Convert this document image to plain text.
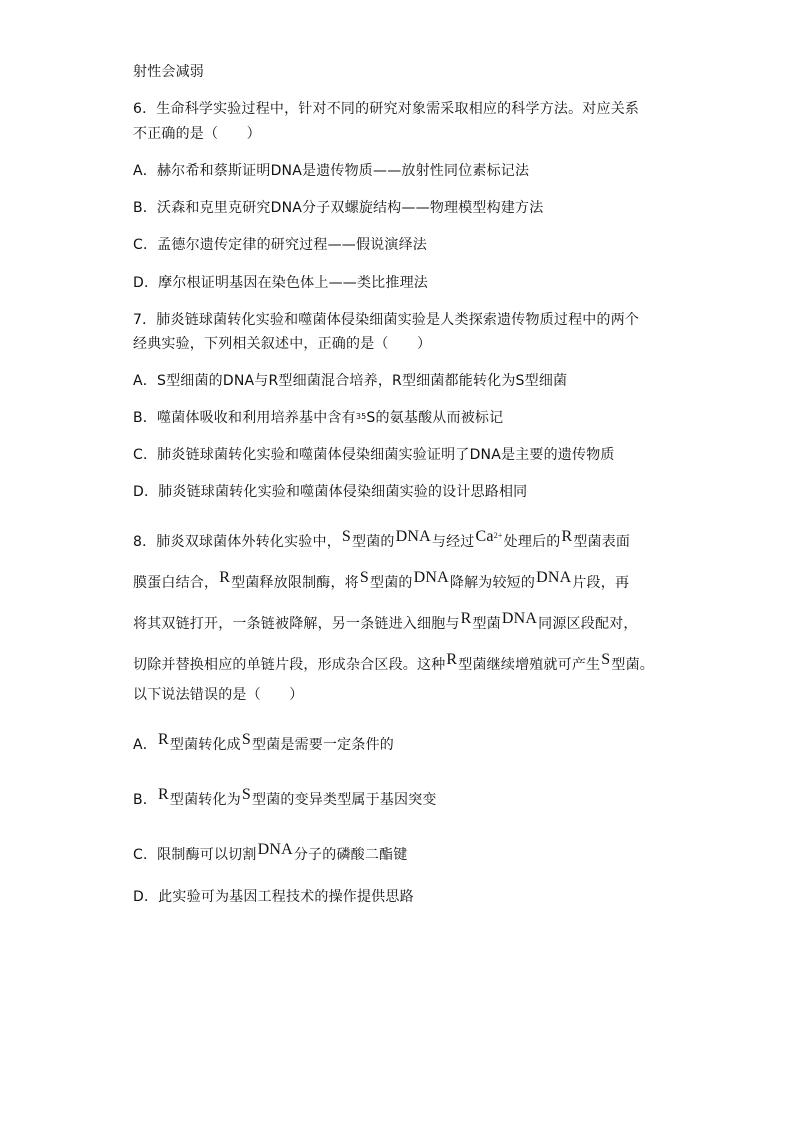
射性会减弱
6．生命科学实验过程中，针对不同的研究对象需采取相应的科学方法。对应关系
不正确的是（　　）
A．赫尔希和蔡斯证明DNA是遗传物质——放射性同位素标记法
B．沃森和克里克研究DNA分子双螺旋结构——物理模型构建方法
C．孟德尔遗传定律的研究过程——假说演绎法
D．摩尔根证明基因在染色体上——类比推理法
7．肺炎链球菌转化实验和噬菌体侵染细菌实验是人类探索遗传物质过程中的两个
经典实验，下列相关叙述中，正确的是（　　）
A．S型细菌的DNA与R型细菌混合培养，R型细菌都能转化为S型细菌
B．噬菌体吸收和利用培养基中含有$^{35}$S的氨基酸从而被标记
C．肺炎链球菌转化实验和噬菌体侵染细菌实验证明了DNA是主要的遗传物质
D．肺炎链球菌转化实验和噬菌体侵染细菌实验的设计思路相同
8．肺炎双球菌体外转化实验中，S型菌的DNA与经过$Ca^{2+}$处理后的R型菌表面
膜蛋白结合，R型菌释放限制酶，将S型菌的DNA降解为较短的DNA片段，再
将其双链打开，一条链被降解，另一条链进入细胞与R型菌DNA同源区段配对，
切除并替换相应的单链片段，形成杂合区段。这种R型菌继续增殖就可产生S型菌。
以下说法错误的是（　　）
A．R型菌转化成S型菌是需要一定条件的
B．R型菌转化为S型菌的变异类型属于基因突变
C．限制酶可以切割DNA分子的磷酸二酯键
D．此实验可为基因工程技术的操作提供思路
